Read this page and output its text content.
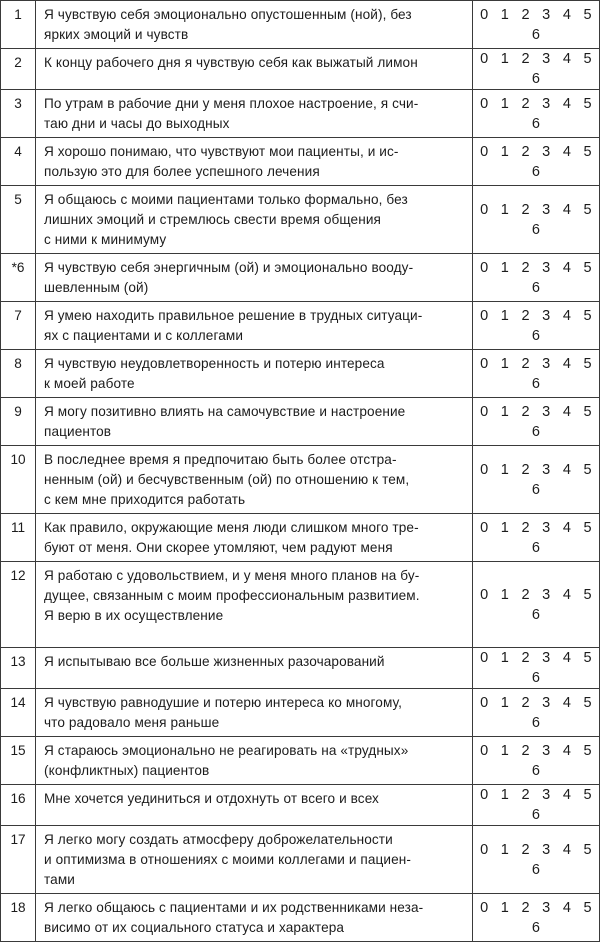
1	Я чувствую себя эмоционально опустошенным (ной), без
ярких эмоций и чувств	0 1 2 3 4 5 6
2	К концу рабочего дня я чувствую себя как выжатый лимон	0 1 2 3 4 5 6
3	По утрам в рабочие дни у меня плохое настроение, я счи-
таю дни и часы до выходных	0 1 2 3 4 5 6
4	Я хорошо понимаю, что чувствуют мои пациенты, и ис-
пользую это для более успешного лечения	0 1 2 3 4 5 6
5	Я общаюсь с моими пациентами только формально, без
лишних эмоций и стремлюсь свести время общения
с ними к минимуму	0 1 2 3 4 5 6
*6	Я чувствую себя энергичным (ой) и эмоционально вооду-
шевленным (ой)	0 1 2 3 4 5 6
7	Я умею находить правильное решение в трудных ситуаци-
ях с пациентами и с коллегами	0 1 2 3 4 5 6
8	Я чувствую неудовлетворенность и потерю интереса
к моей работе	0 1 2 3 4 5 6
9	Я могу позитивно влиять на самочувствие и настроение
пациентов	0 1 2 3 4 5 6
10	В последнее время я предпочитаю быть более отстра-
ненным (ой) и бесчувственным (ой) по отношению к тем,
с кем мне приходится работать	0 1 2 3 4 5 6
11	Как правило, окружающие меня люди слишком много тре-
буют от меня. Они скорее утомляют, чем радуют меня	0 1 2 3 4 5 6
12	Я работаю с удовольствием, и у меня много планов на бу-
дущее, связанным с моим профессиональным развитием.
Я верю в их осуществление	0 1 2 3 4 5 6
13	Я испытываю все больше жизненных разочарований	0 1 2 3 4 5 6
14	Я чувствую равнодушие и потерю интереса ко многому,
что радовало меня раньше	0 1 2 3 4 5 6
15	Я стараюсь эмоционально не реагировать на «трудных»
(конфликтных) пациентов	0 1 2 3 4 5 6
16	Мне хочется уединиться и отдохнуть от всего и всех	0 1 2 3 4 5 6
17	Я легко могу создать атмосферу доброжелательности
и оптимизма в отношениях с моими коллегами и пациен-
тами	0 1 2 3 4 5 6
18	Я легко общаюсь с пациентами и их родственниками неза-
висимо от их социального статуса и характера	0 1 2 3 4 5 6
